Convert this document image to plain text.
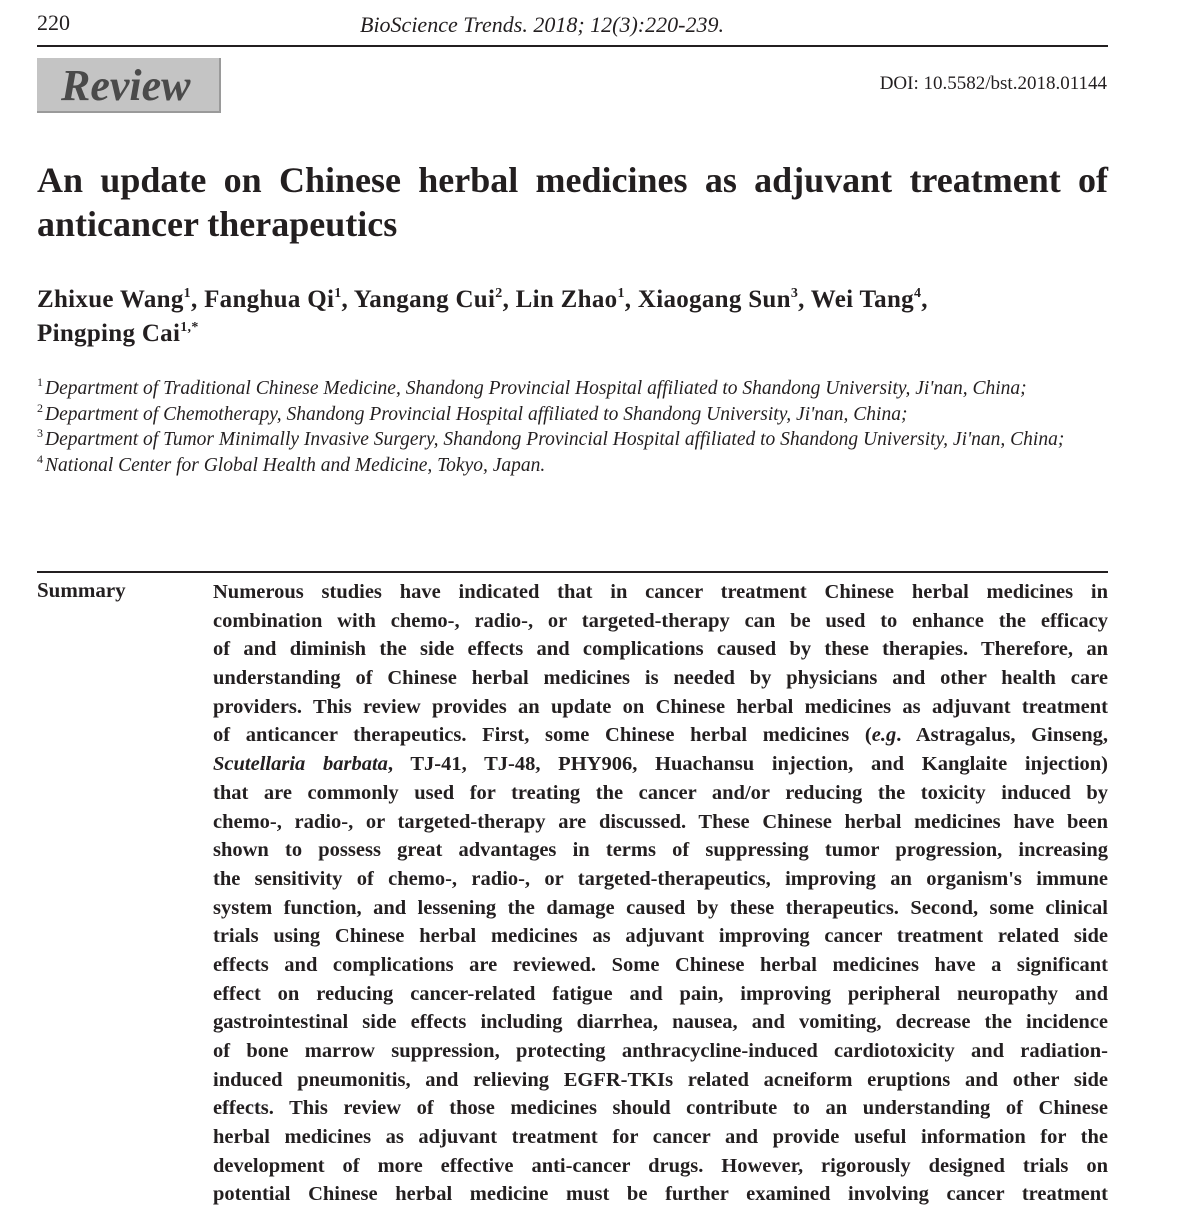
220	BioScience Trends. 2018; 12(3):220-239.
Review	DOI: 10.5582/bst.2018.01144
An update on Chinese herbal medicines as adjuvant treatment of anticancer therapeutics
Zhixue Wang$^1$, Fanghua Qi$^1$, Yangang Cui$^2$, Lin Zhao$^1$, Xiaogang Sun$^3$, Wei Tang$^4$,
Pingping Cai$^{1,*}$
$^1$ Department of Traditional Chinese Medicine, Shandong Provincial Hospital affiliated to Shandong University, Ji'nan, China;
$^2$ Department of Chemotherapy, Shandong Provincial Hospital affiliated to Shandong University, Ji'nan, China;
$^3$ Department of Tumor Minimally Invasive Surgery, Shandong Provincial Hospital affiliated to Shandong University, Ji'nan, China;
$^4$ National Center for Global Health and Medicine, Tokyo, Japan.
Summary	Numerous studies have indicated that in cancer treatment Chinese herbal medicines in
combination with chemo-, radio-, or targeted-therapy can be used to enhance the efficacy
of and diminish the side effects and complications caused by these therapies. Therefore, an
understanding of Chinese herbal medicines is needed by physicians and other health care
providers. This review provides an update on Chinese herbal medicines as adjuvant treatment
of anticancer therapeutics. First, some Chinese herbal medicines (e.g. Astragalus, Ginseng,
Scutellaria barbata, TJ-41, TJ-48, PHY906, Huachansu injection, and Kanglaite injection)
that are commonly used for treating the cancer and/or reducing the toxicity induced by
chemo-, radio-, or targeted-therapy are discussed. These Chinese herbal medicines have been
shown to possess great advantages in terms of suppressing tumor progression, increasing
the sensitivity of chemo-, radio-, or targeted-therapeutics, improving an organism's immune
system function, and lessening the damage caused by these therapeutics. Second, some clinical
trials using Chinese herbal medicines as adjuvant improving cancer treatment related side
effects and complications are reviewed. Some Chinese herbal medicines have a significant
effect on reducing cancer-related fatigue and pain, improving peripheral neuropathy and
gastrointestinal side effects including diarrhea, nausea, and vomiting, decrease the incidence
of bone marrow suppression, protecting anthracycline-induced cardiotoxicity and radiation-
induced pneumonitis, and relieving EGFR-TKIs related acneiform eruptions and other side
effects. This review of those medicines should contribute to an understanding of Chinese
herbal medicines as adjuvant treatment for cancer and provide useful information for the
development of more effective anti-cancer drugs. However, rigorously designed trials on
potential Chinese herbal medicine must be further examined involving cancer treatment
